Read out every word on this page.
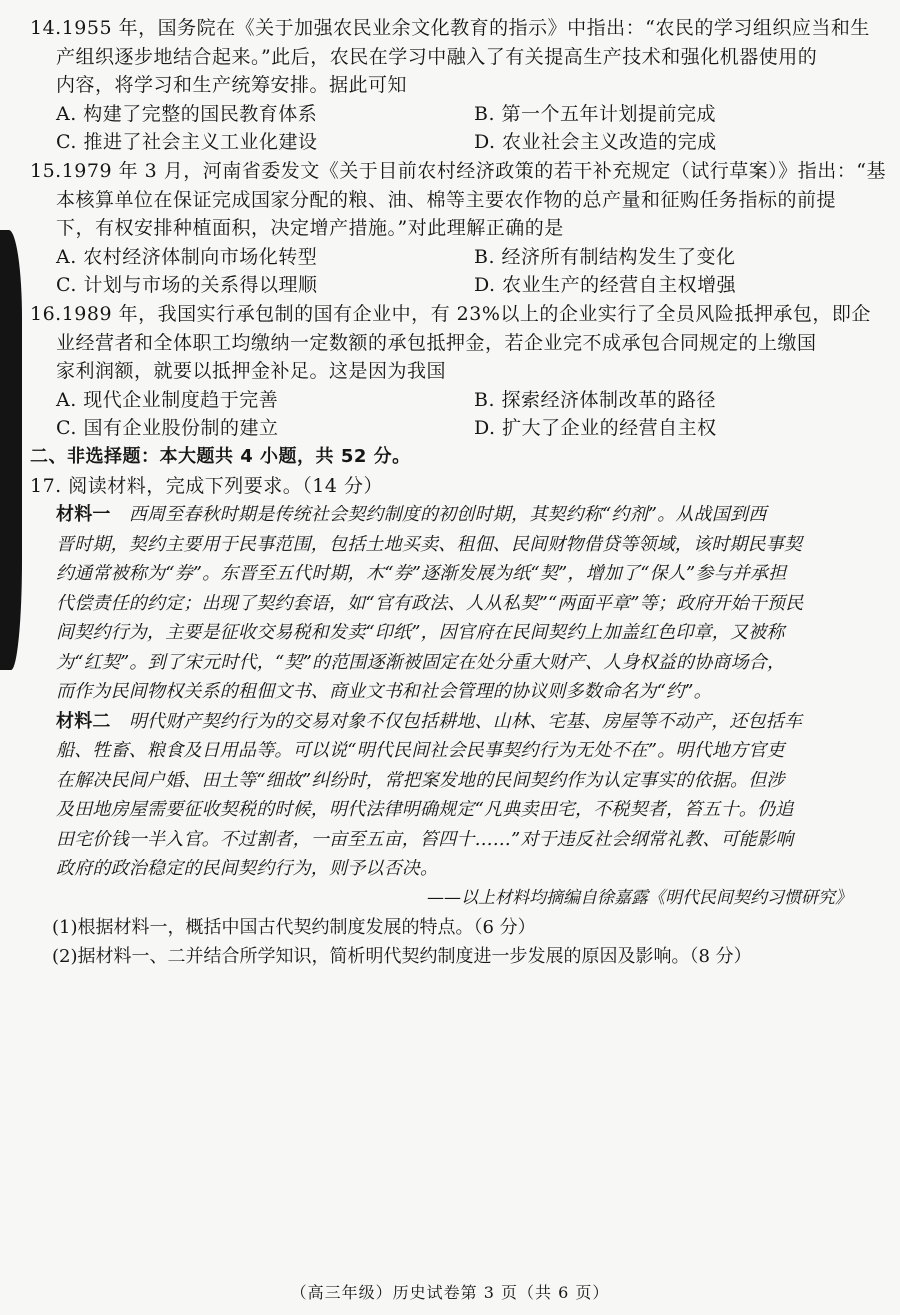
14.1955 年，国务院在《关于加强农民业余文化教育的指示》中指出：“农民的学习组织应当和生
产组织逐步地结合起来。”此后，农民在学习中融入了有关提高生产技术和强化机器使用的
内容，将学习和生产统筹安排。据此可知
A. 构建了完整的国民教育体系	B. 第一个五年计划提前完成
C. 推进了社会主义工业化建设	D. 农业社会主义改造的完成
15.1979 年 3 月，河南省委发文《关于目前农村经济政策的若干补充规定（试行草案）》指出：“基
本核算单位在保证完成国家分配的粮、油、棉等主要农作物的总产量和征购任务指标的前提
下，有权安排种植面积，决定增产措施。”对此理解正确的是
A. 农村经济体制向市场化转型	B. 经济所有制结构发生了变化
C. 计划与市场的关系得以理顺	D. 农业生产的经营自主权增强
16.1989 年，我国实行承包制的国有企业中，有 23%以上的企业实行了全员风险抵押承包，即企
业经营者和全体职工均缴纳一定数额的承包抵押金，若企业完不成承包合同规定的上缴国
家利润额，就要以抵押金补足。这是因为我国
A. 现代企业制度趋于完善	B. 探索经济体制改革的路径
C. 国有企业股份制的建立	D. 扩大了企业的经营自主权
二、非选择题：本大题共 4 小题，共 52 分。
17. 阅读材料，完成下列要求。（14 分）
材料一　 西周至春秋时期是传统社会契约制度的初创时期，其契约称“约剂”。从战国到西
晋时期，契约主要用于民事范围，包括土地买卖、租佃、民间财物借贷等领域，该时期民事契
约通常被称为“券”。东晋至五代时期，木“券”逐渐发展为纸“契”，增加了“保人”参与并承担
代偿责任的约定；出现了契约套语，如“官有政法、人从私契”“两面平章”等；政府开始干预民
间契约行为，主要是征收交易税和发卖“印纸”，因官府在民间契约上加盖红色印章，又被称
为“红契”。到了宋元时代，“契”的范围逐渐被固定在处分重大财产、人身权益的协商场合，
而作为民间物权关系的租佃文书、商业文书和社会管理的协议则多数命名为“约”。
材料二　 明代财产契约行为的交易对象不仅包括耕地、山林、宅基、房屋等不动产，还包括车
船、牲畜、粮食及日用品等。可以说“明代民间社会民事契约行为无处不在”。明代地方官吏
在解决民间户婚、田土等“细故”纠纷时，常把案发地的民间契约作为认定事实的依据。但涉
及田地房屋需要征收契税的时候，明代法律明确规定“凡典卖田宅，不税契者，笞五十。仍追
田宅价钱一半入官。不过割者，一亩至五亩，笞四十……”对于违反社会纲常礼教、可能影响
政府的政治稳定的民间契约行为，则予以否决。
——以上材料均摘编自徐嘉露《明代民间契约习惯研究》
(1)根据材料一，概括中国古代契约制度发展的特点。（6 分）
(2)据材料一、二并结合所学知识，简析明代契约制度进一步发展的原因及影响。（8 分）
（高三年级）历史试卷第 3 页（共 6 页）
